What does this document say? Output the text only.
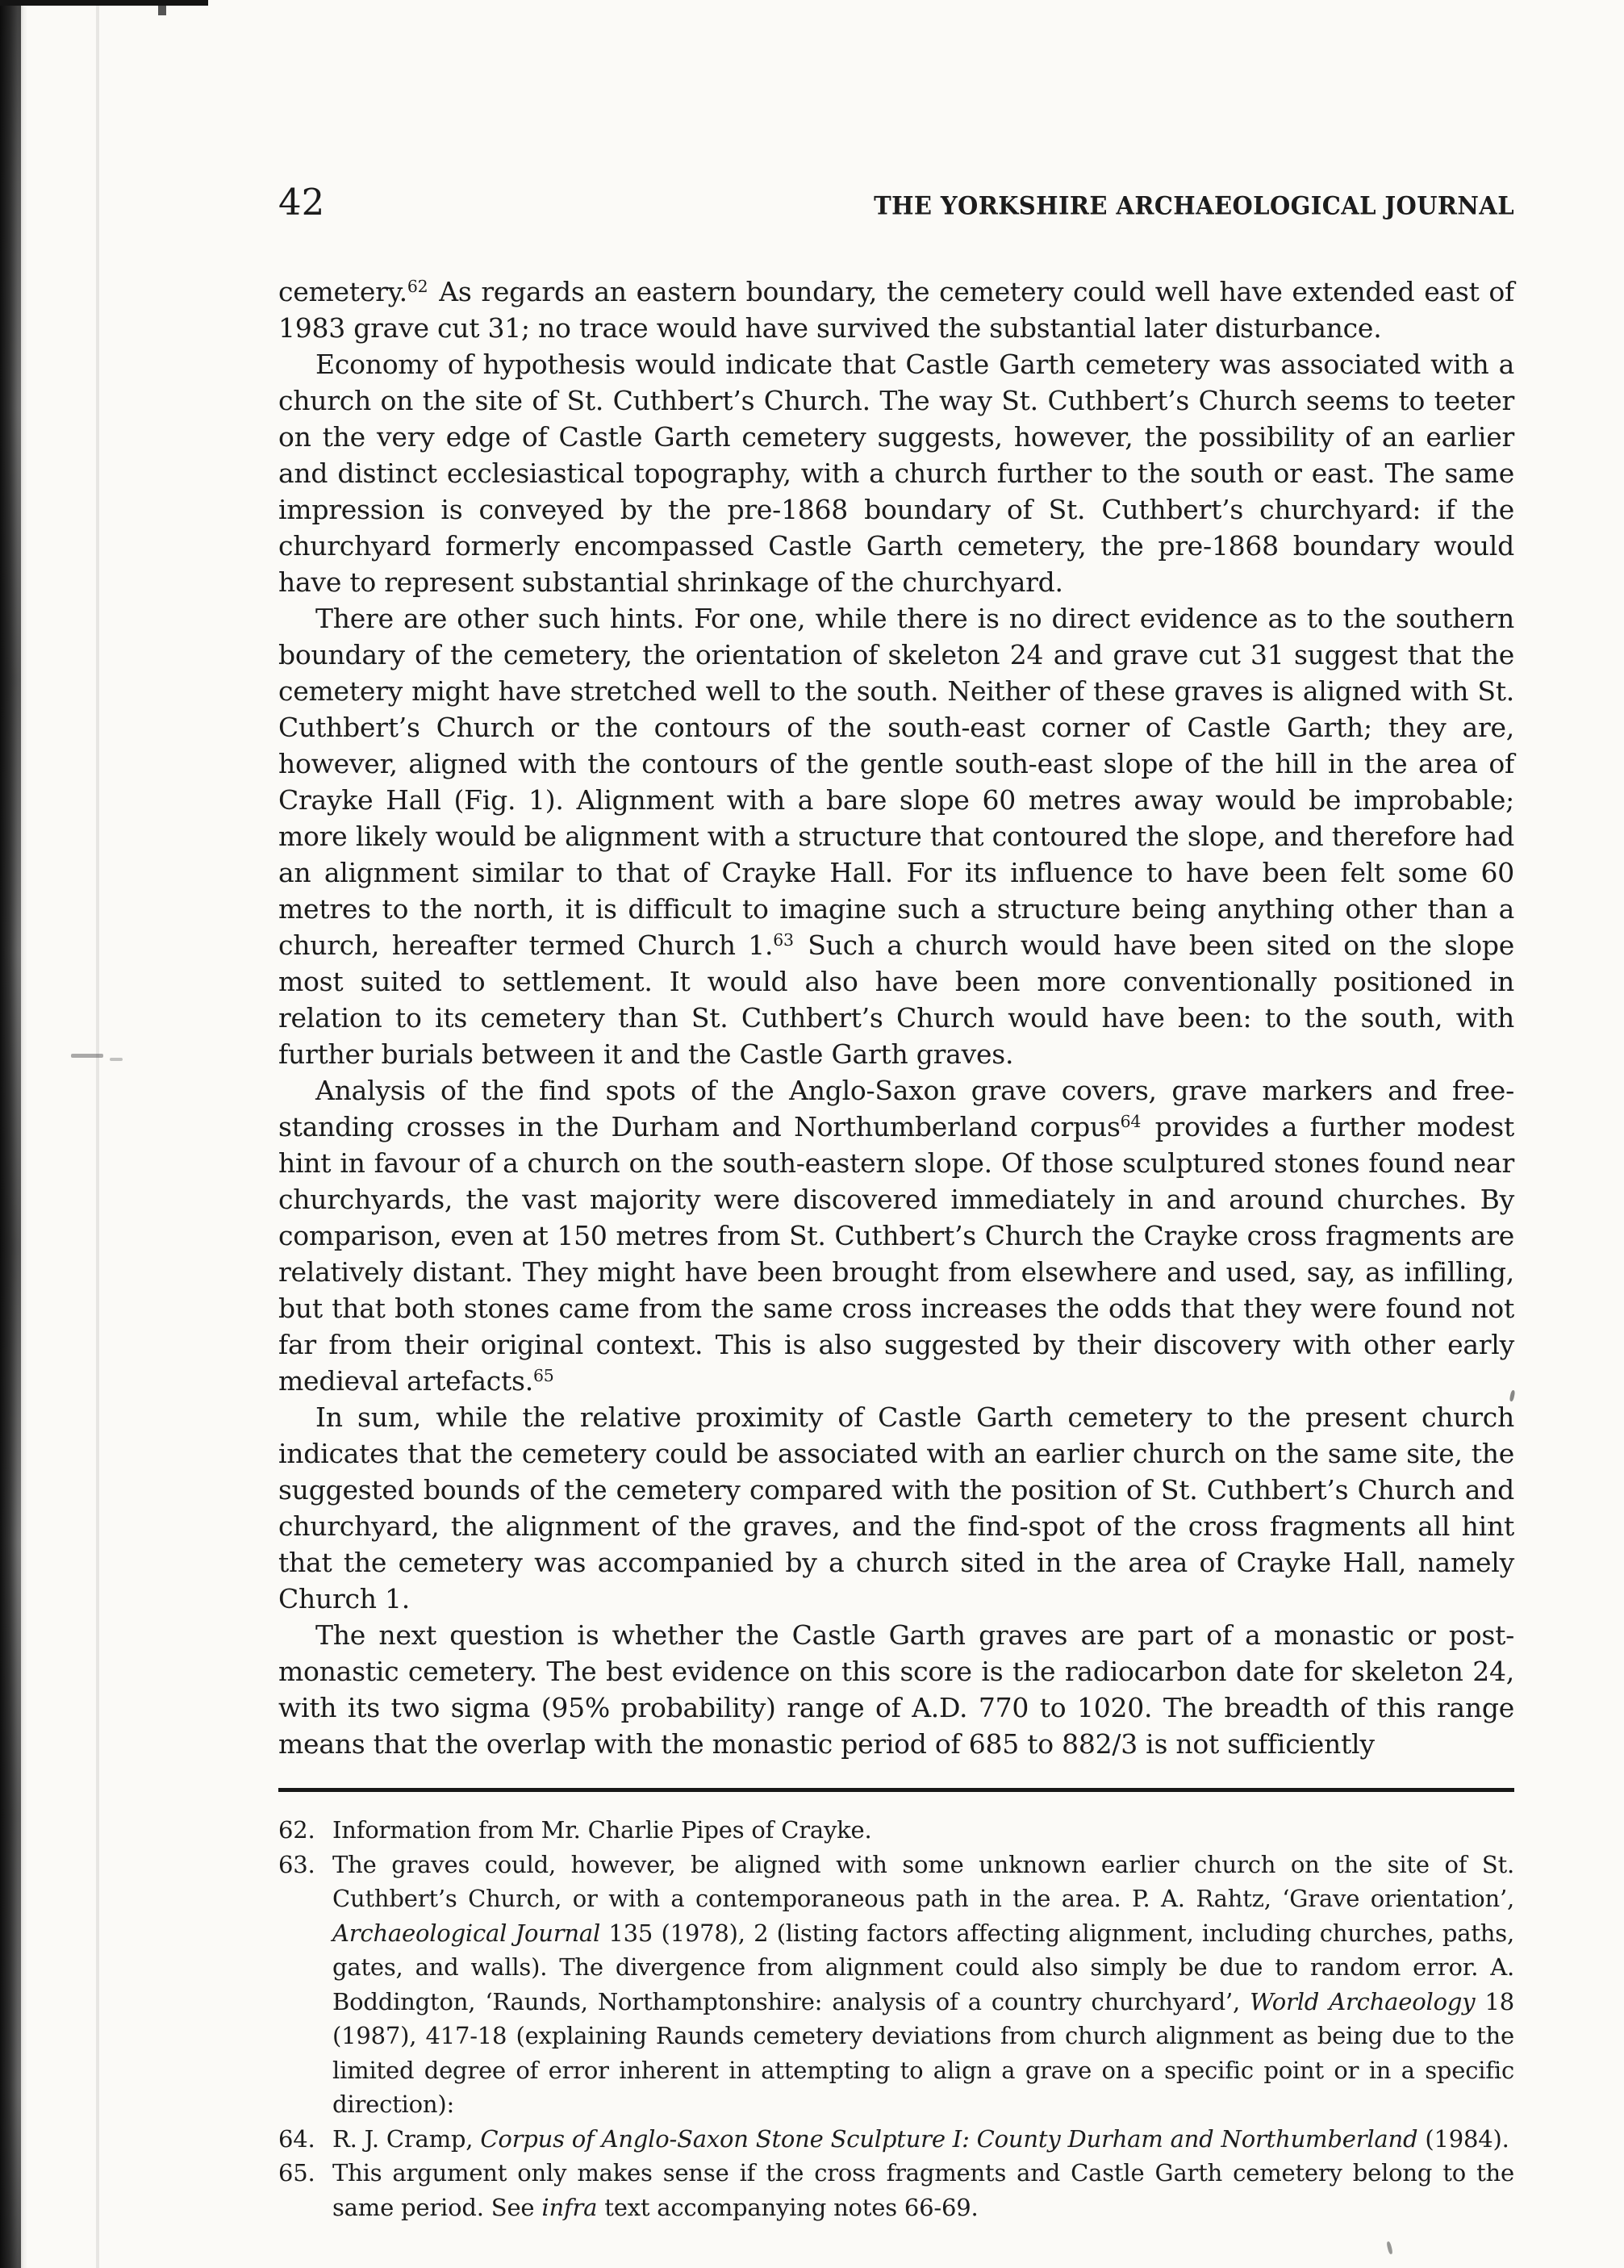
42	THE YORKSHIRE ARCHAEOLOGICAL JOURNAL

cemetery.$^{62}$ As regards an eastern boundary, the cemetery could well have extended east of 1983 grave cut 31; no trace would have survived the substantial later disturbance.

Economy of hypothesis would indicate that Castle Garth cemetery was associated with a church on the site of St. Cuthbert’s Church. The way St. Cuthbert’s Church seems to teeter on the very edge of Castle Garth cemetery suggests, however, the possibility of an earlier and distinct ecclesiastical topography, with a church further to the south or east. The same impression is conveyed by the pre-1868 boundary of St. Cuthbert’s churchyard: if the churchyard formerly encompassed Castle Garth cemetery, the pre-1868 boundary would have to represent substantial shrinkage of the churchyard.

There are other such hints. For one, while there is no direct evidence as to the southern boundary of the cemetery, the orientation of skeleton 24 and grave cut 31 suggest that the cemetery might have stretched well to the south. Neither of these graves is aligned with St. Cuthbert’s Church or the contours of the south-east corner of Castle Garth; they are, however, aligned with the contours of the gentle south-east slope of the hill in the area of Crayke Hall (Fig. 1). Alignment with a bare slope 60 metres away would be improbable; more likely would be alignment with a structure that contoured the slope, and therefore had an alignment similar to that of Crayke Hall. For its influence to have been felt some 60 metres to the north, it is difficult to imagine such a structure being anything other than a church, hereafter termed Church 1.63 Such a church would have been sited on the slope most suited to settlement. It would also have been more conventionally positioned in relation to its cemetery than St. Cuthbert’s Church would have been: to the south, with further burials between it and the Castle Garth graves.

Analysis of the find spots of the Anglo-Saxon grave covers, grave markers and free-standing crosses in the Durham and Northumberland corpus$^{64}$ provides a further modest hint in favour of a church on the south-eastern slope. Of those sculptured stones found near churchyards, the vast majority were discovered immediately in and around churches. By comparison, even at 150 metres from St. Cuthbert’s Church the Crayke cross fragments are relatively distant. They might have been brought from elsewhere and used, say, as infilling, but that both stones came from the same cross increases the odds that they were found not far from their original context. This is also suggested by their discovery with other early medieval artefacts.$^{65}$

In sum, while the relative proximity of Castle Garth cemetery to the present church indicates that the cemetery could be associated with an earlier church on the same site, the suggested bounds of the cemetery compared with the position of St. Cuthbert’s Church and churchyard, the alignment of the graves, and the find-spot of the cross fragments all hint that the cemetery was accompanied by a church sited in the area of Crayke Hall, namely Church 1.

The next question is whether the Castle Garth graves are part of a monastic or post-monastic cemetery. The best evidence on this score is the radiocarbon date for skeleton 24, with its two sigma (95% probability) range of A.D. 770 to 1020. The breadth of this range means that the overlap with the monastic period of 685 to 882/3 is not sufficiently

62. Information from Mr. Charlie Pipes of Crayke.
63. The graves could, however, be aligned with some unknown earlier church on the site of St. Cuthbert’s Church, or with a contemporaneous path in the area. P. A. Rahtz, ‘Grave orientation’, Archaeological Journal 135 (1978), 2 (listing factors affecting alignment, including churches, paths, gates, and walls). The divergence from alignment could also simply be due to random error. A. Boddington, ‘Raunds, Northamptonshire: analysis of a country churchyard’, World Archaeology 18 (1987), 417-18 (explaining Raunds cemetery deviations from church alignment as being due to the limited degree of error inherent in attempting to align a grave on a specific point or in a specific direction):
64. R. J. Cramp, Corpus of Anglo-Saxon Stone Sculpture I: County Durham and Northumberland (1984).
65. This argument only makes sense if the cross fragments and Castle Garth cemetery belong to the same period. See infra text accompanying notes 66-69.
